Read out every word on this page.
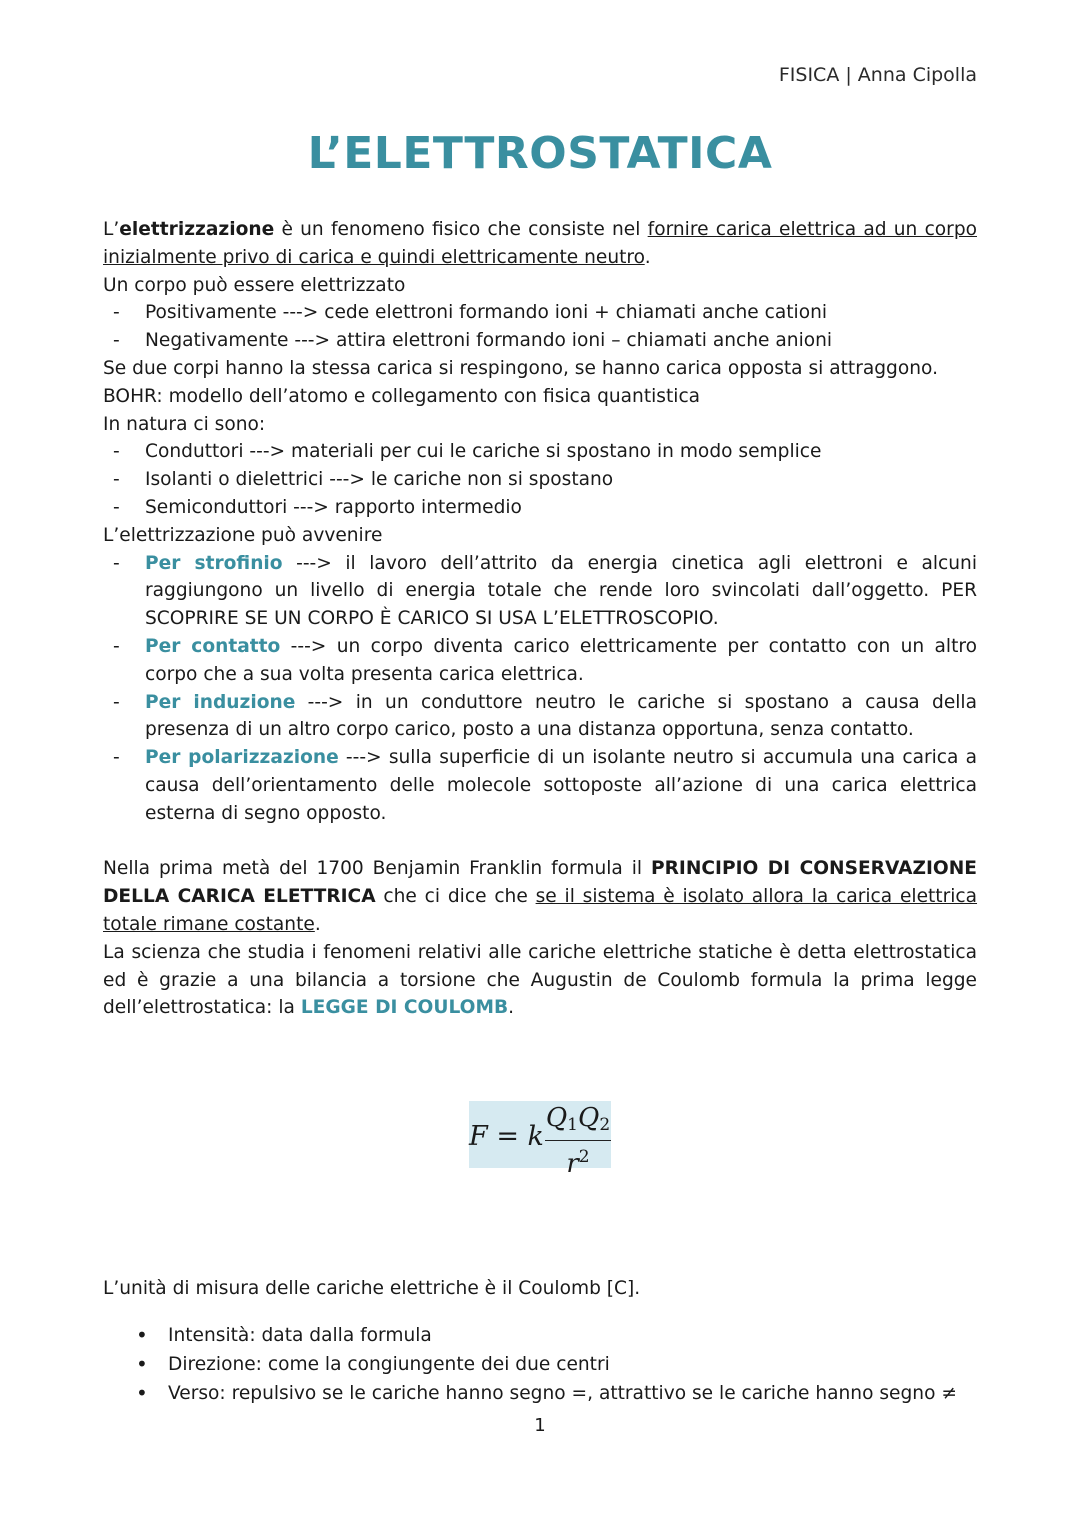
FISICA | Anna Cipolla
L’ELETTROSTATICA

L’elettrizzazione è un fenomeno fisico che consiste nel fornire carica elettrica ad un corpo inizialmente privo di carica e quindi elettricamente neutro.

Un corpo può essere elettrizzato

- Positivamente ---> cede elettroni formando ioni + chiamati anche cationi
- Negativamente ---> attira elettroni formando ioni – chiamati anche anioni

Se due corpi hanno la stessa carica si respingono, se hanno carica opposta si attraggono.

BOHR: modello dell’atomo e collegamento con fisica quantistica

In natura ci sono:

- Conduttori ---> materiali per cui le cariche si spostano in modo semplice
- Isolanti o dielettrici ---> le cariche non si spostano
- Semiconduttori ---> rapporto intermedio

L’elettrizzazione può avvenire

- Per strofinio ---> il lavoro dell’attrito da energia cinetica agli elettroni e alcuni raggiungono un livello di energia totale che rende loro svincolati dall’oggetto. PER SCOPRIRE SE UN CORPO È CARICO SI USA L’ELETTROSCOPIO.
- Per contatto ---> un corpo diventa carico elettricamente per contatto con un altro corpo che a sua volta presenta carica elettrica.
- Per induzione ---> in un conduttore neutro le cariche si spostano a causa della presenza di un altro corpo carico, posto a una distanza opportuna, senza contatto.
- Per polarizzazione ---> sulla superficie di un isolante neutro si accumula una carica a causa dell’orientamento delle molecole sottoposte all’azione di una carica elettrica esterna di segno opposto.

Nella prima metà del 1700 Benjamin Franklin formula il PRINCIPIO DI CONSERVAZIONE DELLA CARICA ELETTRICA che ci dice che se il sistema è isolato allora la carica elettrica totale rimane costante.

La scienza che studia i fenomeni relativi alle cariche elettriche statiche è detta elettrostatica ed è grazie a una bilancia a torsione che Augustin de Coulomb formula la prima legge dell’elettrostatica: la LEGGE DI COULOMB.

F = k $\frac{Q_1Q_2}{r^2}$

L’unità di misura delle cariche elettriche è il Coulomb [C].

• Intensità: data dalla formula
• Direzione: come la congiungente dei due centri
• Verso: repulsivo se le cariche hanno segno =, attrattivo se le cariche hanno segno ≠
1
